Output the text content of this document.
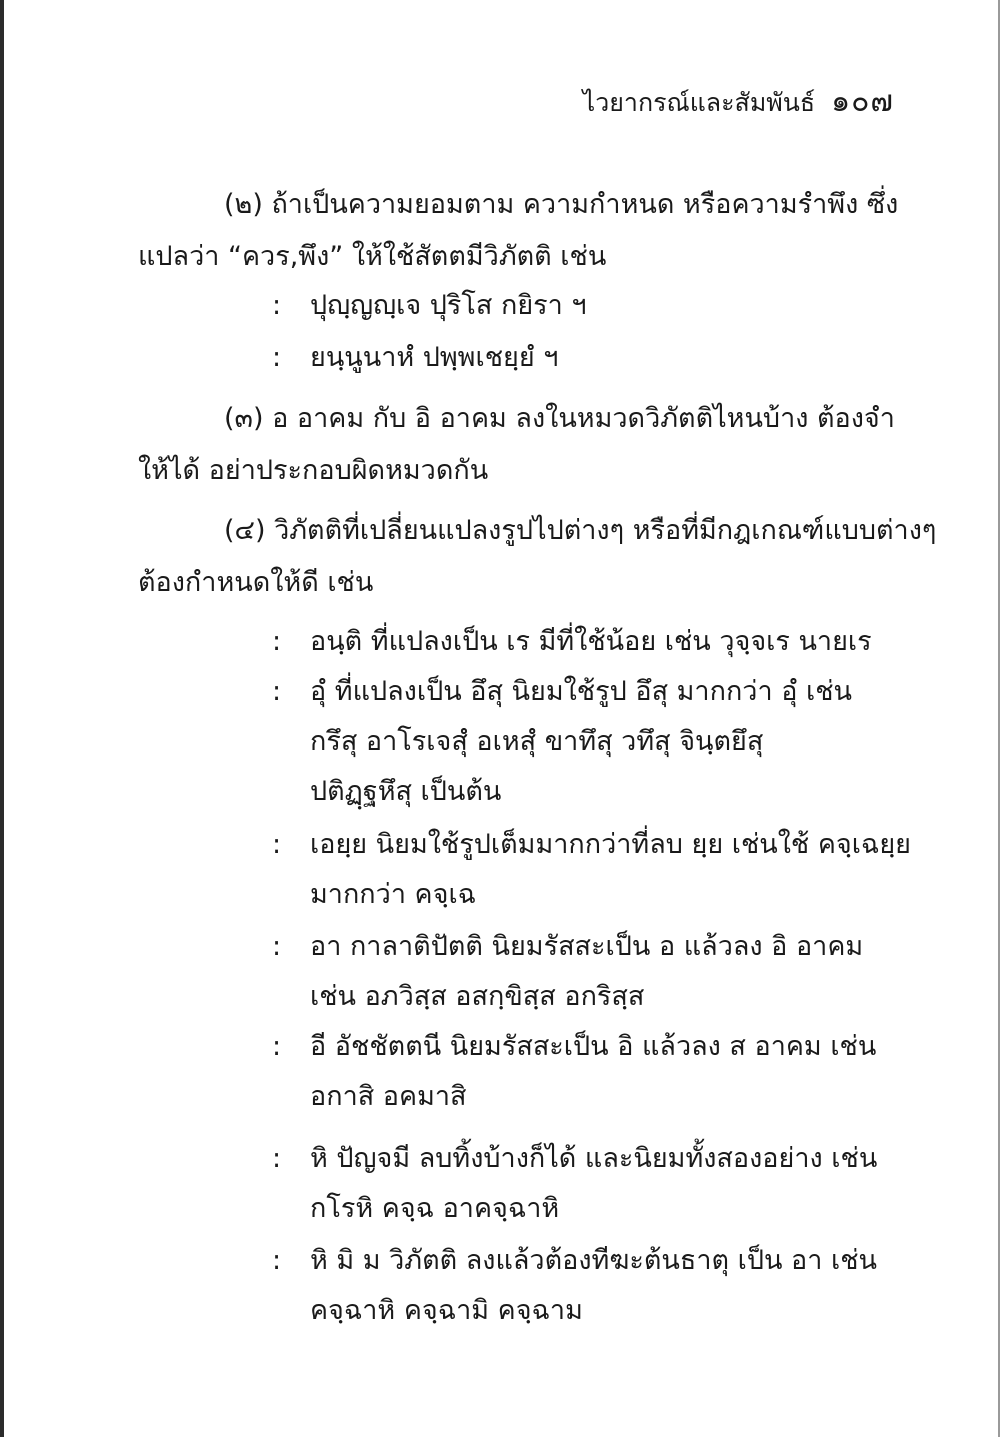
ไวยากรณ์และสัมพันธ์ ๑๐๗
(๒) ถ้าเป็นความยอมตาม ความกำหนด หรือความรำพึง ซึ่ง
แปลว่า “ควร,พึง” ให้ใช้สัตตมีวิภัตติ เช่น
:	ปุญฺญญฺเจ ปุริโส กยิรา ฯ
:	ยนฺนูนาหํ ปพฺพเชยฺยํ ฯ
(๓) อ อาคม กับ อิ อาคม ลงในหมวดวิภัตติไหนบ้าง ต้องจำ
ให้ได้ อย่าประกอบผิดหมวดกัน
(๔) วิภัตติที่เปลี่ยนแปลงรูปไปต่างๆ หรือที่มีกฎเกณฑ์แบบต่างๆ
ต้องกำหนดให้ดี เช่น
:	อนฺติ ที่แปลงเป็น เร มีที่ใช้น้อย เช่น วุจฺจเร นายเร
:	อุํ ที่แปลงเป็น อึสุ นิยมใช้รูป อึสุ มากกว่า อุํ เช่น
กรึสุ อาโรเจสุํ อเหสุํ ขาทึสุ วทึสุ จินฺตยึสุ
ปติฏฺฐหึสุ เป็นต้น
:	เอยฺย นิยมใช้รูปเต็มมากกว่าที่ลบ ยฺย เช่นใช้ คจฺเฉยฺย
มากกว่า คจฺเฉ
:	อา กาลาติปัตติ นิยมรัสสะเป็น อ แล้วลง อิ อาคม
เช่น อภวิสฺส อสกฺขิสฺส อกริสฺส
:	อี อัชชัตตนี นิยมรัสสะเป็น อิ แล้วลง ส อาคม เช่น
อกาสิ อคมาสิ
:	หิ ปัญจมี ลบทิ้งบ้างก็ได้ และนิยมทั้งสองอย่าง เช่น
กโรหิ คจฺฉ อาคจฺฉาหิ
:	หิ มิ ม วิภัตติ ลงแล้วต้องทีฆะต้นธาตุ เป็น อา เช่น
คจฺฉาหิ คจฺฉามิ คจฺฉาม
